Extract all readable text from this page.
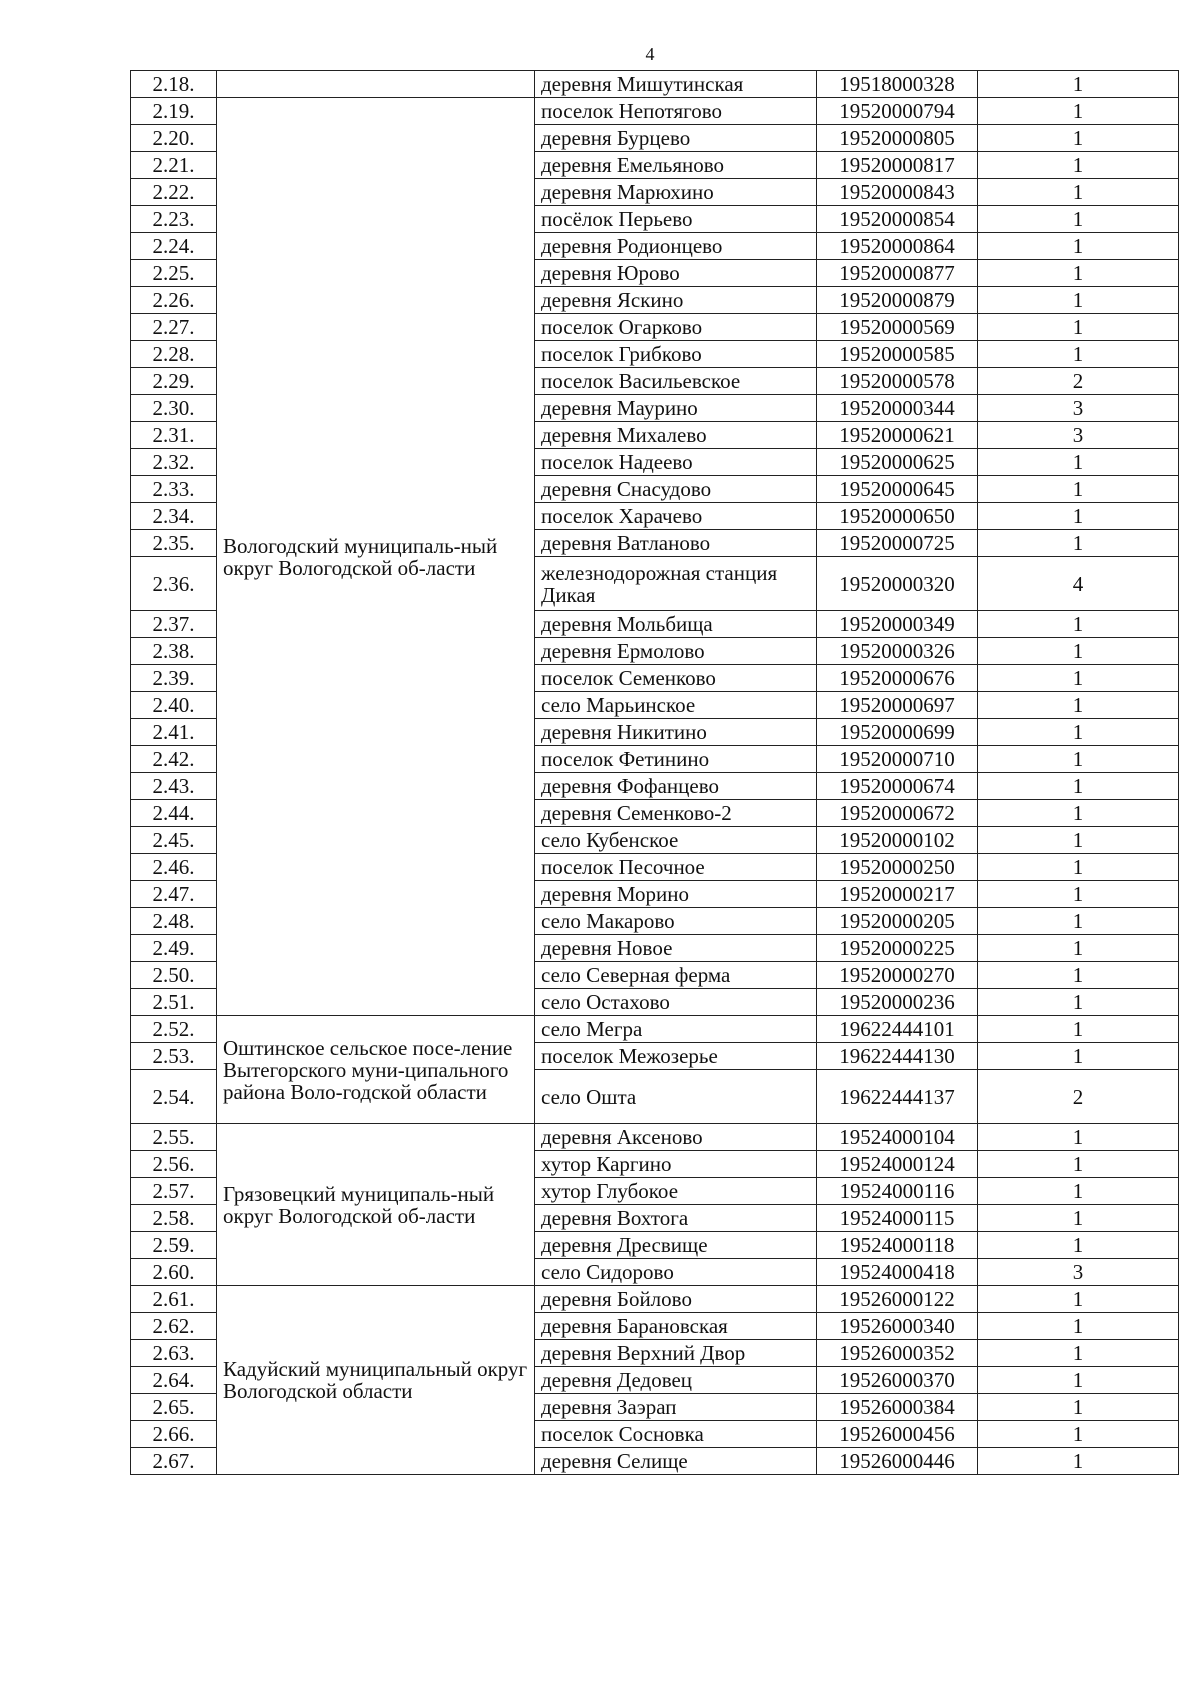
4
2.18.		деревня Мишутинская	19518000328	1
2.19.	Вологодский муниципаль-ный округ Вологодской об-ласти	поселок Непотягово	19520000794	1
2.20.		деревня Бурцево	19520000805	1
2.21.		деревня Емельяново	19520000817	1
2.22.		деревня Марюхино	19520000843	1
2.23.		посёлок Перьево	19520000854	1
2.24.		деревня Родионцево	19520000864	1
2.25.		деревня Юрово	19520000877	1
2.26.		деревня Яскино	19520000879	1
2.27.		поселок Огарково	19520000569	1
2.28.		поселок Грибково	19520000585	1
2.29.		поселок Васильевское	19520000578	2
2.30.		деревня Маурино	19520000344	3
2.31.		деревня Михалево	19520000621	3
2.32.		поселок Надеево	19520000625	1
2.33.		деревня Снасудово	19520000645	1
2.34.		поселок Харачево	19520000650	1
2.35.		деревня Ватланово	19520000725	1
2.36.		железнодорожная станция Дикая	19520000320	4
2.37.		деревня Мольбища	19520000349	1
2.38.		деревня Ермолово	19520000326	1
2.39.		поселок Семенково	19520000676	1
2.40.		село Марьинское	19520000697	1
2.41.		деревня Никитино	19520000699	1
2.42.		поселок Фетинино	19520000710	1
2.43.		деревня Фофанцево	19520000674	1
2.44.		деревня Семенково-2	19520000672	1
2.45.		село Кубенское	19520000102	1
2.46.		поселок Песочное	19520000250	1
2.47.		деревня Морино	19520000217	1
2.48.		село Макарово	19520000205	1
2.49.		деревня Новое	19520000225	1
2.50.		село Северная ферма	19520000270	1
2.51.		село Остахово	19520000236	1
2.52.	Оштинское сельское посе-ление Вытегорского муни-ципального района Воло-годской области	село Мегра	19622444101	1
2.53.		поселок Межозерье	19622444130	1
2.54.		село Ошта	19622444137	2
2.55.	Грязовецкий муниципаль-ный округ Вологодской об-ласти	деревня Аксеново	19524000104	1
2.56.		хутор Каргино	19524000124	1
2.57.		хутор Глубокое	19524000116	1
2.58.		деревня Вохтога	19524000115	1
2.59.		деревня Дресвище	19524000118	1
2.60.		село Сидорово	19524000418	3
2.61.	Кадуйский муниципальный округ Вологодской области	деревня Бойлово	19526000122	1
2.62.		деревня Барановская	19526000340	1
2.63.		деревня Верхний Двор	19526000352	1
2.64.		деревня Дедовец	19526000370	1
2.65.		деревня Заэрап	19526000384	1
2.66.		поселок Сосновка	19526000456	1
2.67.		деревня Селище	19526000446	1
